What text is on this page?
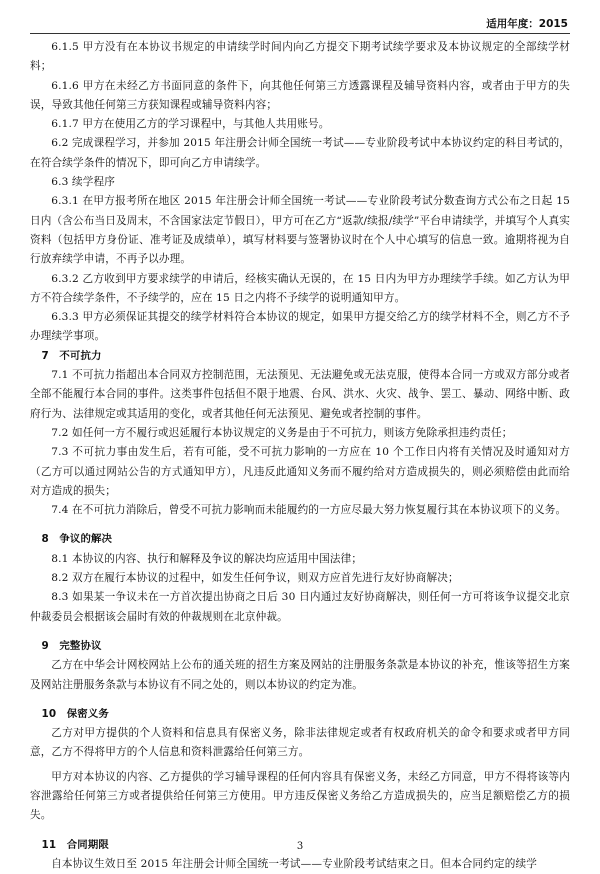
适用年度：2015

6.1.5 甲方没有在本协议书规定的申请续学时间内向乙方提交下期考试续学要求及本协议规定的全部续学材料；

6.1.6 甲方在未经乙方书面同意的条件下，向其他任何第三方透露课程及辅导资料内容，或者由于甲方的失误，导致其他任何第三方获知课程或辅导资料内容；

6.1.7 甲方在使用乙方的学习课程中，与其他人共用账号。

6.2 完成课程学习，并参加 2015 年注册会计师全国统一考试——专业阶段考试中本协议约定的科目考试的，在符合续学条件的情况下，即可向乙方申请续学。

6.3 续学程序

6.3.1 在甲方报考所在地区 2015 年注册会计师全国统一考试——专业阶段考试分数查询方式公布之日起 15 日内（含公布当日及周末，不含国家法定节假日），甲方可在乙方“返款/续报/续学”平台申请续学，并填写个人真实资料（包括甲方身份证、准考证及成绩单），填写材料要与签署协议时在个人中心填写的信息一致。逾期将视为自行放弃续学申请，不再予以办理。

6.3.2 乙方收到甲方要求续学的申请后，经核实确认无误的，在 15 日内为甲方办理续学手续。如乙方认为甲方不符合续学条件，不予续学的，应在 15 日之内将不予续学的说明通知甲方。

6.3.3 甲方必须保证其提交的续学材料符合本协议的规定，如果甲方提交给乙方的续学材料不全，则乙方不予办理续学事项。

7　不可抗力

7.1 不可抗力指超出本合同双方控制范围，无法预见、无法避免或无法克服，使得本合同一方或双方部分或者全部不能履行本合同的事件。这类事件包括但不限于地震、台风、洪水、火灾、战争、罢工、暴动、网络中断、政府行为、法律规定或其适用的变化，或者其他任何无法预见、避免或者控制的事件。

7.2 如任何一方不履行或迟延履行本协议规定的义务是由于不可抗力，则该方免除承担违约责任；

7.3 不可抗力事由发生后，若有可能，受不可抗力影响的一方应在 10 个工作日内将有关情况及时通知对方（乙方可以通过网站公告的方式通知甲方），凡违反此通知义务而不履约给对方造成损失的，则必须赔偿由此而给对方造成的损失；

7.4 在不可抗力消除后，曾受不可抗力影响而未能履约的一方应尽最大努力恢复履行其在本协议项下的义务。

8　争议的解决

8.1 本协议的内容、执行和解释及争议的解决均应适用中国法律；

8.2 双方在履行本协议的过程中，如发生任何争议，则双方应首先进行友好协商解决；

8.3 如果某一争议未在一方首次提出协商之日后 30 日内通过友好协商解决，则任何一方可将该争议提交北京仲裁委员会根据该会届时有效的仲裁规则在北京仲裁。

9　完整协议

乙方在中华会计网校网站上公布的通关班的招生方案及网站的注册服务条款是本协议的补充，惟该等招生方案及网站注册服务条款与本协议有不同之处的，则以本协议的约定为准。

10　保密义务

乙方对甲方提供的个人资料和信息具有保密义务，除非法律规定或者有权政府机关的命令和要求或者甲方同意，乙方不得将甲方的个人信息和资料泄露给任何第三方。

甲方对本协议的内容、乙方提供的学习辅导课程的任何内容具有保密义务，未经乙方同意，甲方不得将该等内容泄露给任何第三方或者提供给任何第三方使用。甲方违反保密义务给乙方造成损失的，应当足额赔偿乙方的损失。

11　合同期限

自本协议生效日至 2015 年注册会计师全国统一考试——专业阶段考试结束之日。但本合同约定的续学

3
